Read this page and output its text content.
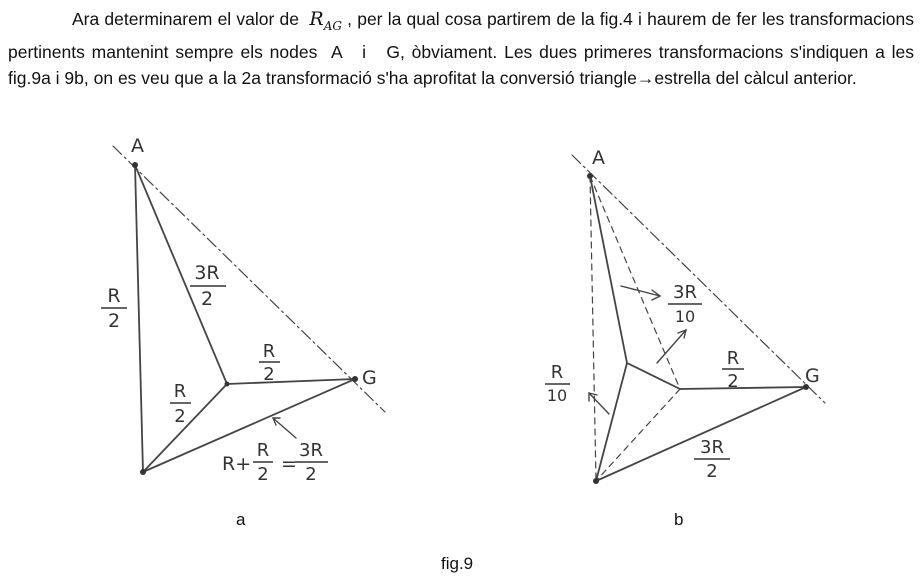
Ara determinarem el valor de $R_{AG}$ , per la qual cosa partirem de la fig.4 i haurem de fer les transformacions pertinents mantenint sempre els nodes A i G, òbviament. Les dues primeres transformacions s'indiquen a les fig.9a i 9b, on es veu que a la 2a transformació s'ha aprofitat la conversió triangle→estrella del càlcul anterior.
A
G
R
2
3R
2
R
2
R
2
R+
R
2 =
3R
2
A
G
3R
10
R
10
R
2
3R
2
a	b
fig.9
